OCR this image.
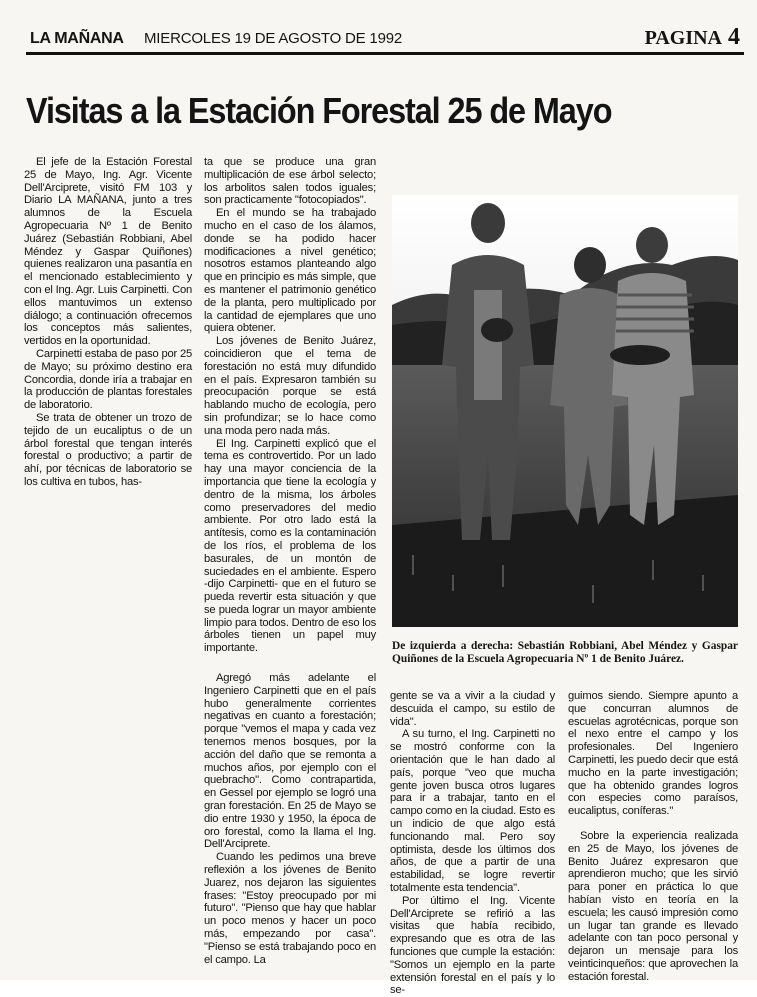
LA MAÑANA MIERCOLES 19 DE AGOSTO DE 1992	PAGINA 4
Visitas a la Estación Forestal 25 de Mayo

El jefe de la Estación Forestal 25 de Mayo, Ing. Agr. Vicente Dell'Arciprete, visitó FM 103 y Diario LA MAÑANA, junto a tres alumnos de la Escuela Agropecuaria Nº 1 de Benito Juárez (Sebastián Robbiani, Abel Méndez y Gaspar Quiñones) quienes realizaron una pasantía en el mencionado establecimiento y con el Ing. Agr. Luis Carpinetti. Con ellos mantuvimos un extenso diálogo; a continuación ofrecemos los conceptos más salientes, vertidos en la oportunidad.

Carpinetti estaba de paso por 25 de Mayo; su próximo destino era Concordia, donde iría a trabajar en la producción de plantas forestales de laboratorio.

Se trata de obtener un trozo de tejido de un eucaliptus o de un árbol forestal que tengan interés forestal o productivo; a partir de ahí, por técnicas de laboratorio se los cultiva en tubos, has-

ta que se produce una gran multiplicación de ese árbol selecto; los arbolitos salen todos iguales; son practicamente "fotocopiados".

En el mundo se ha trabajado mucho en el caso de los álamos, donde se ha podido hacer modificaciones a nivel genético; nosotros estamos planteando algo que en principio es más simple, que es mantener el patrimonio genético de la planta, pero multiplicado por la cantidad de ejemplares que uno quiera obtener.

Los jóvenes de Benito Juárez, coincidieron que el tema de forestación no está muy difundido en el país. Expresaron también su preocupación porque se está hablando mucho de ecología, pero sin profundizar; se lo hace como una moda pero nada más.

El Ing. Carpinetti explicó que el tema es controvertido. Por un lado hay una mayor conciencia de la importancia que tiene la ecología y dentro de la misma, los árboles como preservadores del medio ambiente. Por otro lado está la antítesis, como es la contaminación de los ríos, el problema de los basurales, de un montón de suciedades en el ambiente. Espero -dijo Carpinetti- que en el futuro se pueda revertir esta situación y que se pueda lograr un mayor ambiente limpio para todos. Dentro de eso los árboles tienen un papel muy importante.

Agregó más adelante el Ingeniero Carpinetti que en el país hubo generalmente corrientes negativas en cuanto a forestación; porque "vemos el mapa y cada vez tenemos menos bosques, por la acción del daño que se remonta a muchos años, por ejemplo con el quebracho". Como contrapartida, en Gessel por ejemplo se logró una gran forestación. En 25 de Mayo se dio entre 1930 y 1950, la época de oro forestal, como la llama el Ing. Dell'Arciprete.

Cuando les pedimos una breve reflexión a los jóvenes de Benito Juarez, nos dejaron las siguientes frases: "Estoy preocupado por mi futuro". "Pienso que hay que hablar un poco menos y hacer un poco más, empezando por casa". "Pienso se está trabajando poco en el campo. La

De izquierda a derecha: Sebastián Robbiani, Abel Méndez y Gaspar Quiñones de la Escuela Agropecuaria Nº 1 de Benito Juárez.

gente se va a vivir a la ciudad y descuida el campo, su estilo de vida".

A su turno, el Ing. Carpinetti no se mostró conforme con la orientación que le han dado al país, porque "veo que mucha gente joven busca otros lugares para ir a trabajar, tanto en el campo como en la ciudad. Esto es un indicio de que algo está funcionando mal. Pero soy optimista, desde los últimos dos años, de que a partir de una estabilidad, se logre revertir totalmente esta tendencia".

Por último el Ing. Vicente Dell'Arciprete se refirió a las visitas que había recibido, expresando que es otra de las funciones que cumple la estación: "Somos un ejemplo en la parte extensión forestal en el país y lo se-

guimos siendo. Siempre apunto a que concurran alumnos de escuelas agrotécnicas, porque son el nexo entre el campo y los profesionales. Del Ingeniero Carpinetti, les puedo decir que está mucho en la parte investigación; que ha obtenido grandes logros con especies como paraísos, eucaliptus, coníferas."

Sobre la experiencia realizada en 25 de Mayo, los jóvenes de Benito Juárez expresaron que aprendieron mucho; que les sirvió para poner en práctica lo que habían visto en teoría en la escuela; les causó impresión como un lugar tan grande es llevado adelante con tan poco personal y dejaron un mensaje para los veinticinqueños: que aprovechen la estación forestal.
